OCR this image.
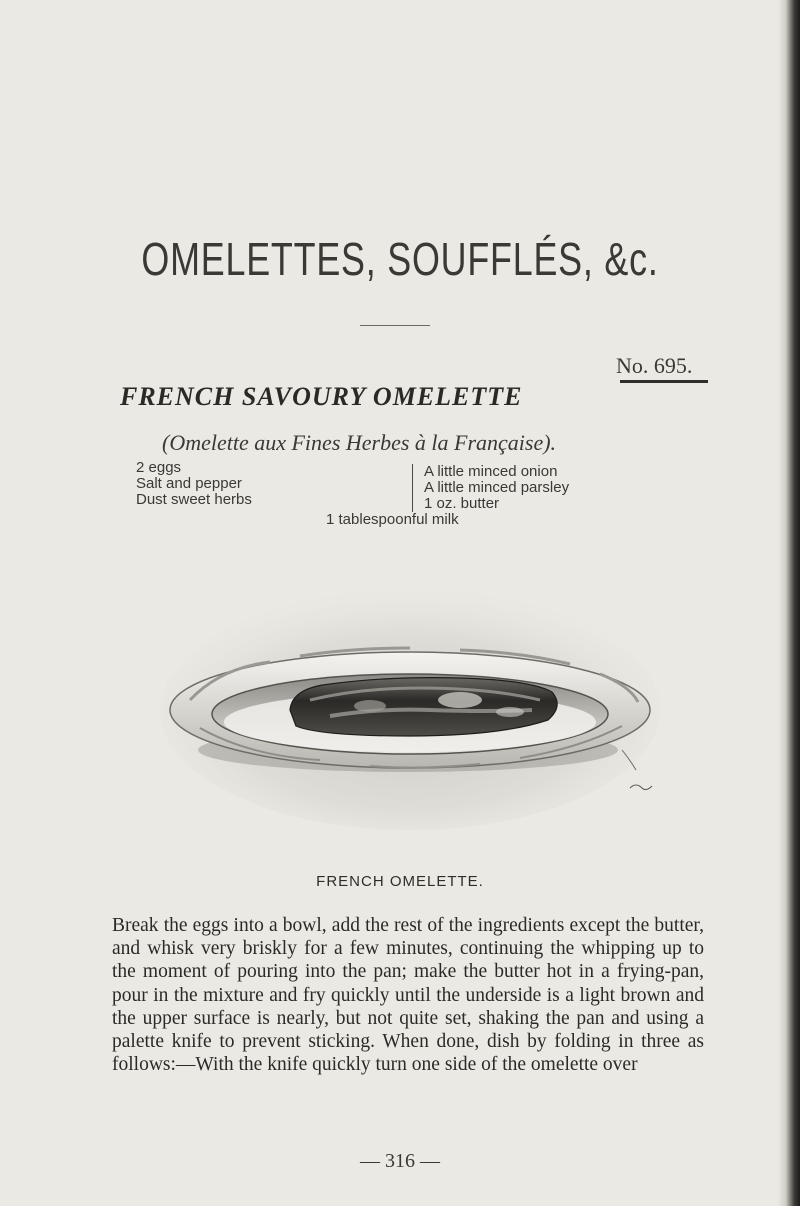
OMELETTES, SOUFFLÉS, &c.
No. 695.
FRENCH SAVOURY OMELETTE
(Omelette aux Fines Herbes à la Française).
2 eggs
Salt and pepper
Dust sweet herbs
A little minced onion
A little minced parsley
1 oz. butter
1 tablespoonful milk
FRENCH OMELETTE.
Break the eggs into a bowl, add the rest of the ingredients except the butter, and whisk very briskly for a few minutes, continuing the whipping up to the moment of pouring into the pan; make the butter hot in a frying-pan, pour in the mixture and fry quickly until the underside is a light brown and the upper surface is nearly, but not quite set, shaking the pan and using a palette knife to prevent sticking. When done, dish by folding in three as follows:—With the knife quickly turn one side of the omelette over
— 316 —
